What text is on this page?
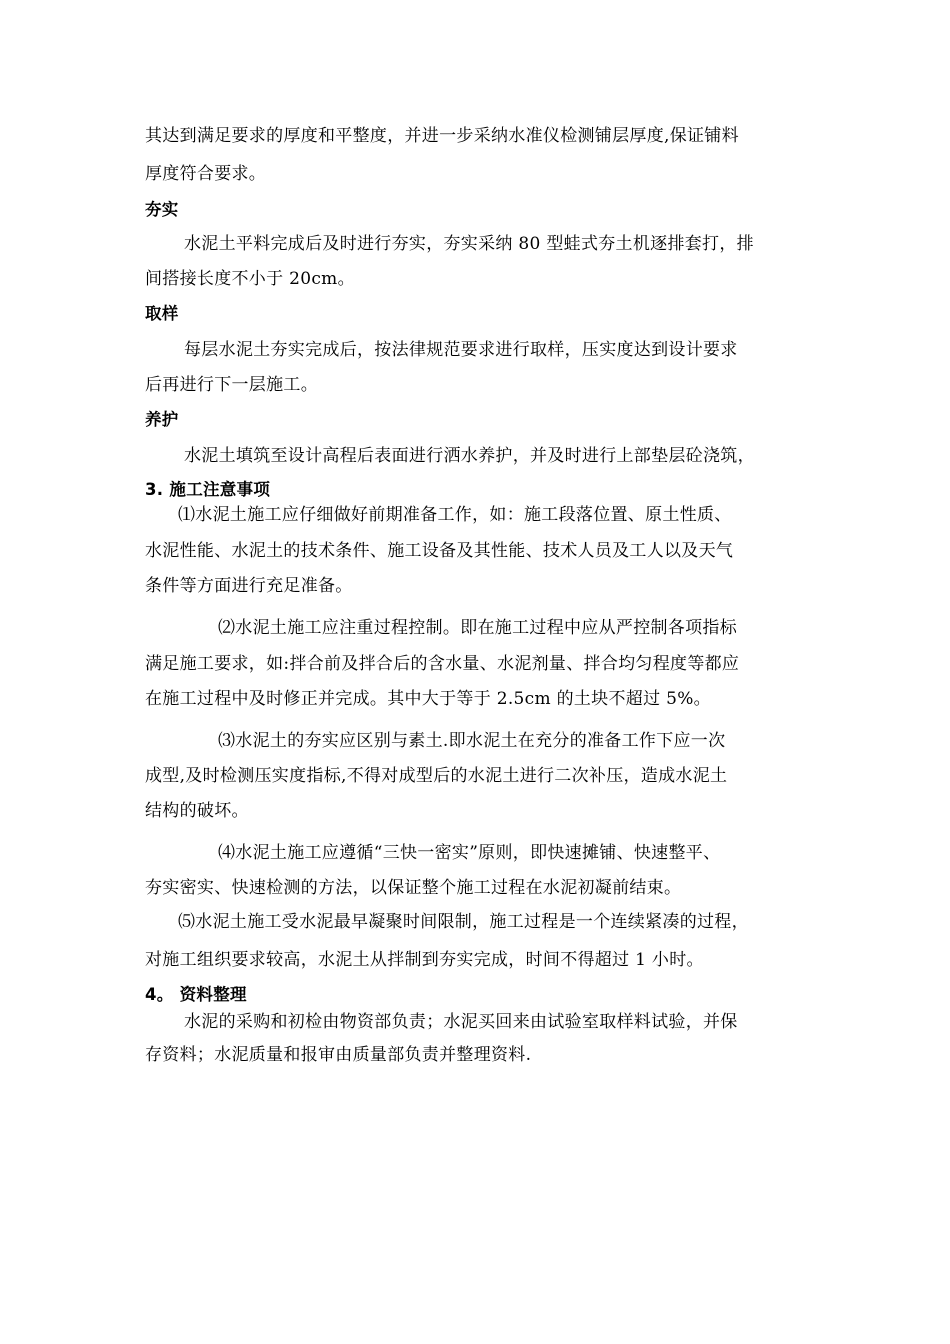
其达到满足要求的厚度和平整度，并进一步采纳水准仪检测铺层厚度,保证铺料
厚度符合要求。
夯实
水泥土平料完成后及时进行夯实，夯实采纳 80 型蛙式夯土机逐排套打，排
间搭接长度不小于 20cm。
取样
每层水泥土夯实完成后，按法律规范要求进行取样，压实度达到设计要求
后再进行下一层施工。
养护
水泥土填筑至设计高程后表面进行洒水养护，并及时进行上部垫层砼浇筑，
3. 施工注意事项
⑴水泥土施工应仔细做好前期准备工作，如：施工段落位置、原土性质、
水泥性能、水泥土的技术条件、施工设备及其性能、技术人员及工人以及天气
条件等方面进行充足准备。
⑵水泥土施工应注重过程控制。即在施工过程中应从严控制各项指标
满足施工要求，如:拌合前及拌合后的含水量、水泥剂量、拌合均匀程度等都应
在施工过程中及时修正并完成。其中大于等于 2.5cm 的土块不超过 5%。
⑶水泥土的夯实应区别与素土.即水泥土在充分的准备工作下应一次
成型,及时检测压实度指标,不得对成型后的水泥土进行二次补压，造成水泥土
结构的破坏。
⑷水泥土施工应遵循“三快一密实”原则，即快速摊铺、快速整平、
夯实密实、快速检测的方法，以保证整个施工过程在水泥初凝前结束。
⑸水泥土施工受水泥最早凝聚时间限制，施工过程是一个连续紧凑的过程，
对施工组织要求较高，水泥土从拌制到夯实完成，时间不得超过 1 小时。
4。 资料整理
水泥的采购和初检由物资部负责；水泥买回来由试验室取样料试验，并保
存资料；水泥质量和报审由质量部负责并整理资料.
